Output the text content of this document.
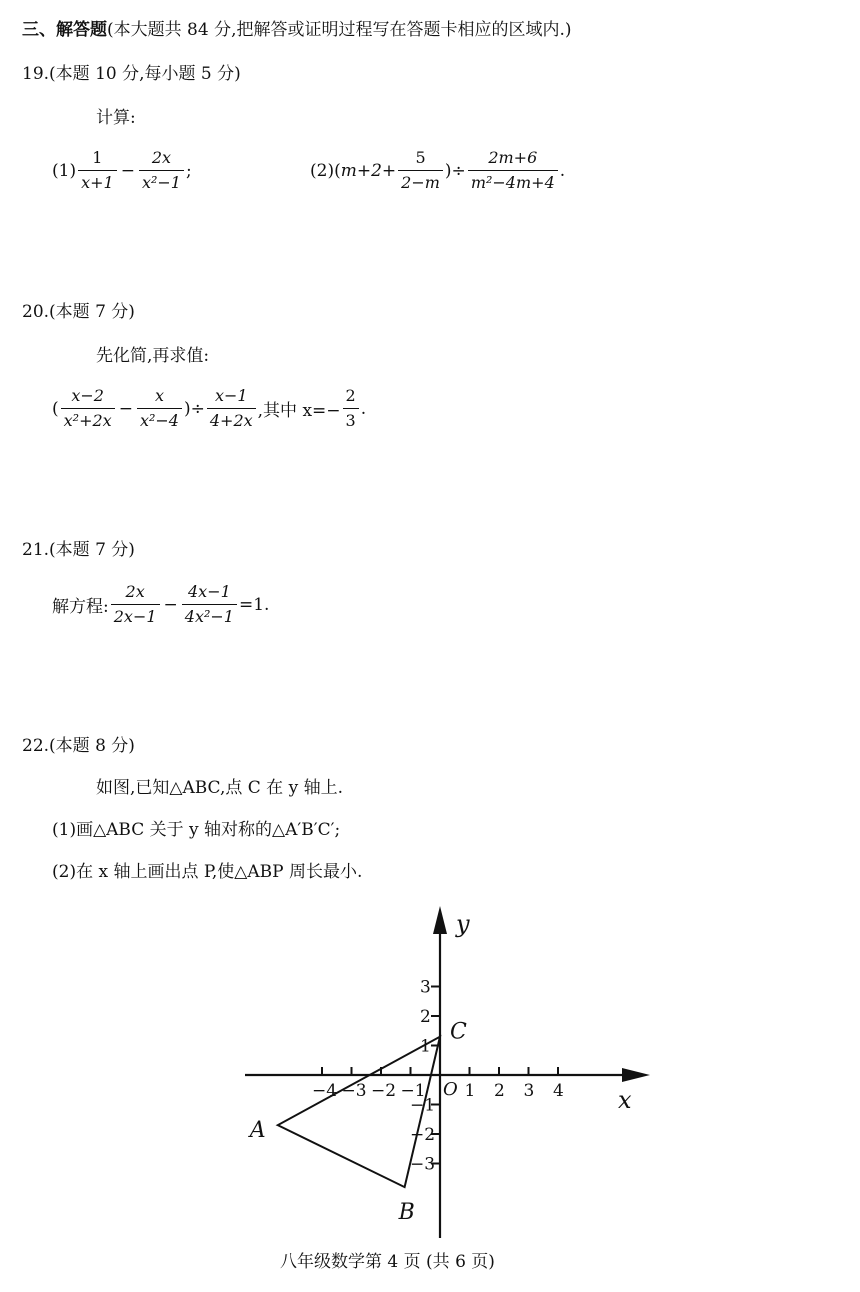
三、解答题(本大题共 84 分,把解答或证明过程写在答题卡相应的区域内.)
19.(本题 10 分,每小题 5 分)
计算:
$(1) \frac{1}{x+1} - \frac{2x}{\text{x²−1}}$ ;	(2)( $m+2+ \frac{5}{2-m}$ )÷ $\frac{2m+6}{\text{m²−4m+4}}$ .
20.(本题 7 分)
先化简,再求值:
( $\frac{x-2}{\text{x²+2x}} - \frac{x}{\text{x²−4}}$ )÷ $\frac{x-1}{4+2x}$ ,其中 $x=- \frac{2}{3}$ .
21.(本题 7 分)
解方程: $\frac{2x}{2x-1} - \frac{4x-1}{\text{4x²−1}} =1$.
22.(本题 8 分)
如图,已知△ABC,点 C 在 y 轴上.
(1)画△ABC 关于 y 轴对称的△A′B′C′;
(2)在 x 轴上画出点 P,使△ABP 周长最小.
−4 −3 −2 −1 1 2 3 4
−3
−2
−1
1
2
3
x
y
O
A
B
C
八年级数学第 4 页 (共 6 页)
